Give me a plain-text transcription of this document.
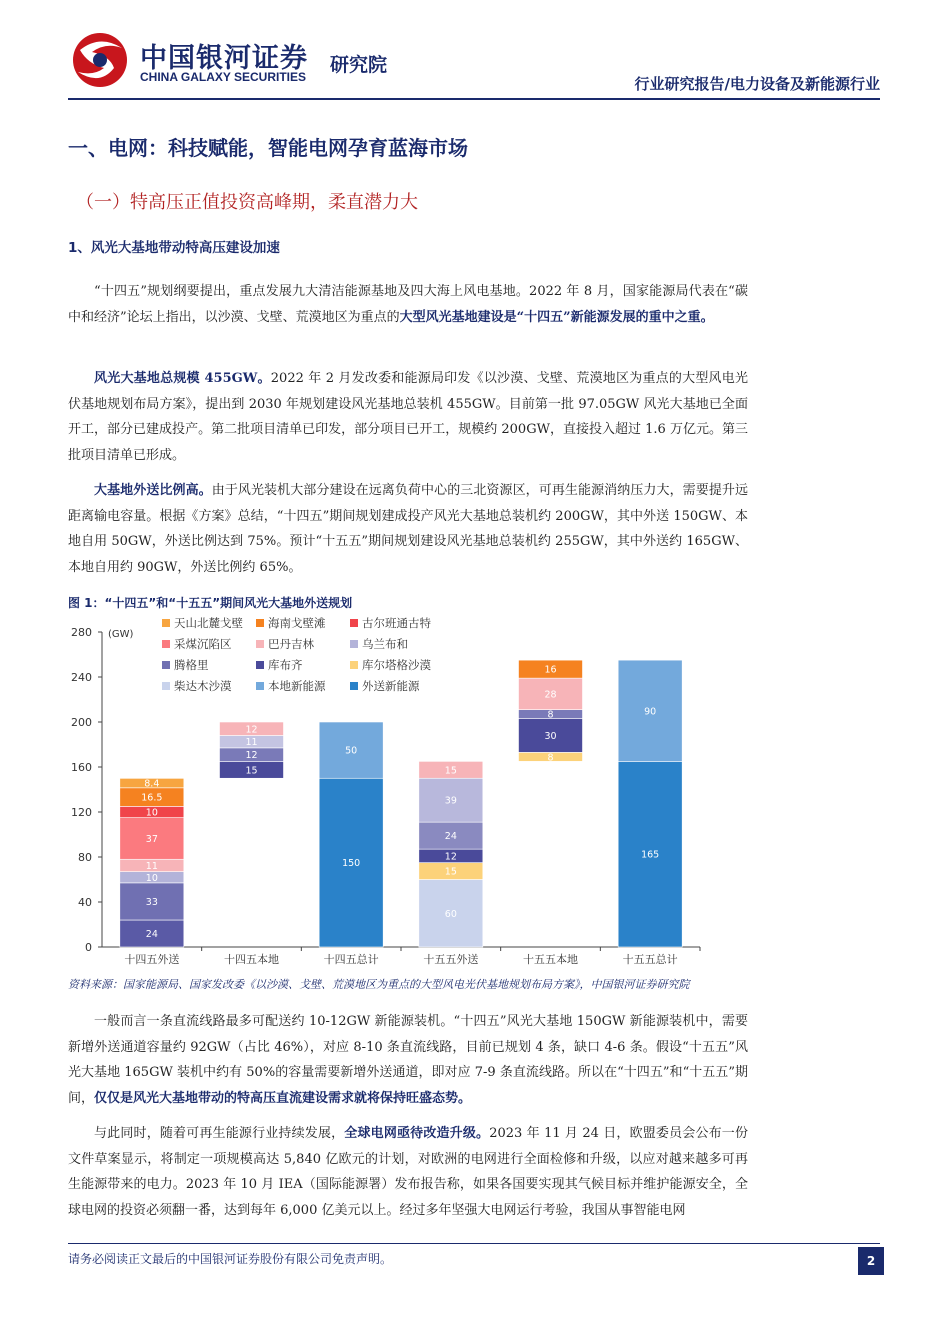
中国银河证券
CHINA GALAXY SECURITIES
研究院
行业研究报告/电力设备及新能源行业
一、电网：科技赋能，智能电网孕育蓝海市场
（一）特高压正值投资高峰期，柔直潜力大
1、风光大基地带动特高压建设加速
“十四五”规划纲要提出，重点发展九大清洁能源基地及四大海上风电基地。2022 年 8 月，国家能源局代表在“碳中和经济”论坛上指出，以沙漠、戈壁、荒漠地区为重点的大型风光基地建设是“十四五”新能源发展的重中之重。
风光大基地总规模 455GW。2022 年 2 月发改委和能源局印发《以沙漠、戈壁、荒漠地区为重点的大型风电光伏基地规划布局方案》，提出到 2030 年规划建设风光基地总装机 455GW。目前第一批 97.05GW 风光大基地已全面开工，部分已建成投产。第二批项目清单已印发，部分项目已开工，规模约 200GW，直接投入超过 1.6 万亿元。第三批项目清单已形成。
大基地外送比例高。由于风光装机大部分建设在远离负荷中心的三北资源区，可再生能源消纳压力大，需要提升远距离输电容量。根据《方案》总结，“十四五”期间规划建成投产风光大基地总装机约 200GW，其中外送 150GW、本地自用 50GW，外送比例达到 75%。预计“十五五”期间规划建设风光基地总装机约 255GW，其中外送约 165GW、本地自用约 90GW，外送比例约 65%。
图 1：“十四五”和“十五五”期间风光大基地外送规划
0
40
80
120
160
200
240
280 (GW)
十四五外送
24
33
10
11
37
10
16.5
8.4
十四五本地
15
12
11
12
十四五总计
150
50
十五五外送
60
15
12
24
39
15
十五五本地
8
30
8
28
16
十五五总计
165
90
天山北麓戈壁 海南戈壁滩	古尔班通古特
采煤沉陷区	巴丹吉林	乌兰布和
腾格里	库布齐	库尔塔格沙漠
柴达木沙漠	本地新能源	外送新能源
资料来源：国家能源局、国家发改委《以沙漠、戈壁、荒漠地区为重点的大型风电光伏基地规划布局方案》，中国银河证券研究院
一般而言一条直流线路最多可配送约 10-12GW 新能源装机。“十四五”风光大基地 150GW 新能源装机中，需要新增外送通道容量约 92GW（占比 46%），对应 8-10 条直流线路，目前已规划 4 条，缺口 4-6 条。假设“十五五”风光大基地 165GW 装机中约有 50%的容量需要新增外送通道，即对应 7-9 条直流线路。所以在“十四五”和“十五五”期间，仅仅是风光大基地带动的特高压直流建设需求就将保持旺盛态势。
与此同时，随着可再生能源行业持续发展，全球电网亟待改造升级。2023 年 11 月 24 日，欧盟委员会公布一份文件草案显示，将制定一项规模高达 5,840 亿欧元的计划，对欧洲的电网进行全面检修和升级，以应对越来越多可再生能源带来的电力。2023 年 10 月 IEA（国际能源署）发布报告称，如果各国要实现其气候目标并维护能源安全，全球电网的投资必须翻一番，达到每年 6,000 亿美元以上。经过多年坚强大电网运行考验，我国从事智能电网
请务必阅读正文最后的中国银河证券股份有限公司免责声明。	2
